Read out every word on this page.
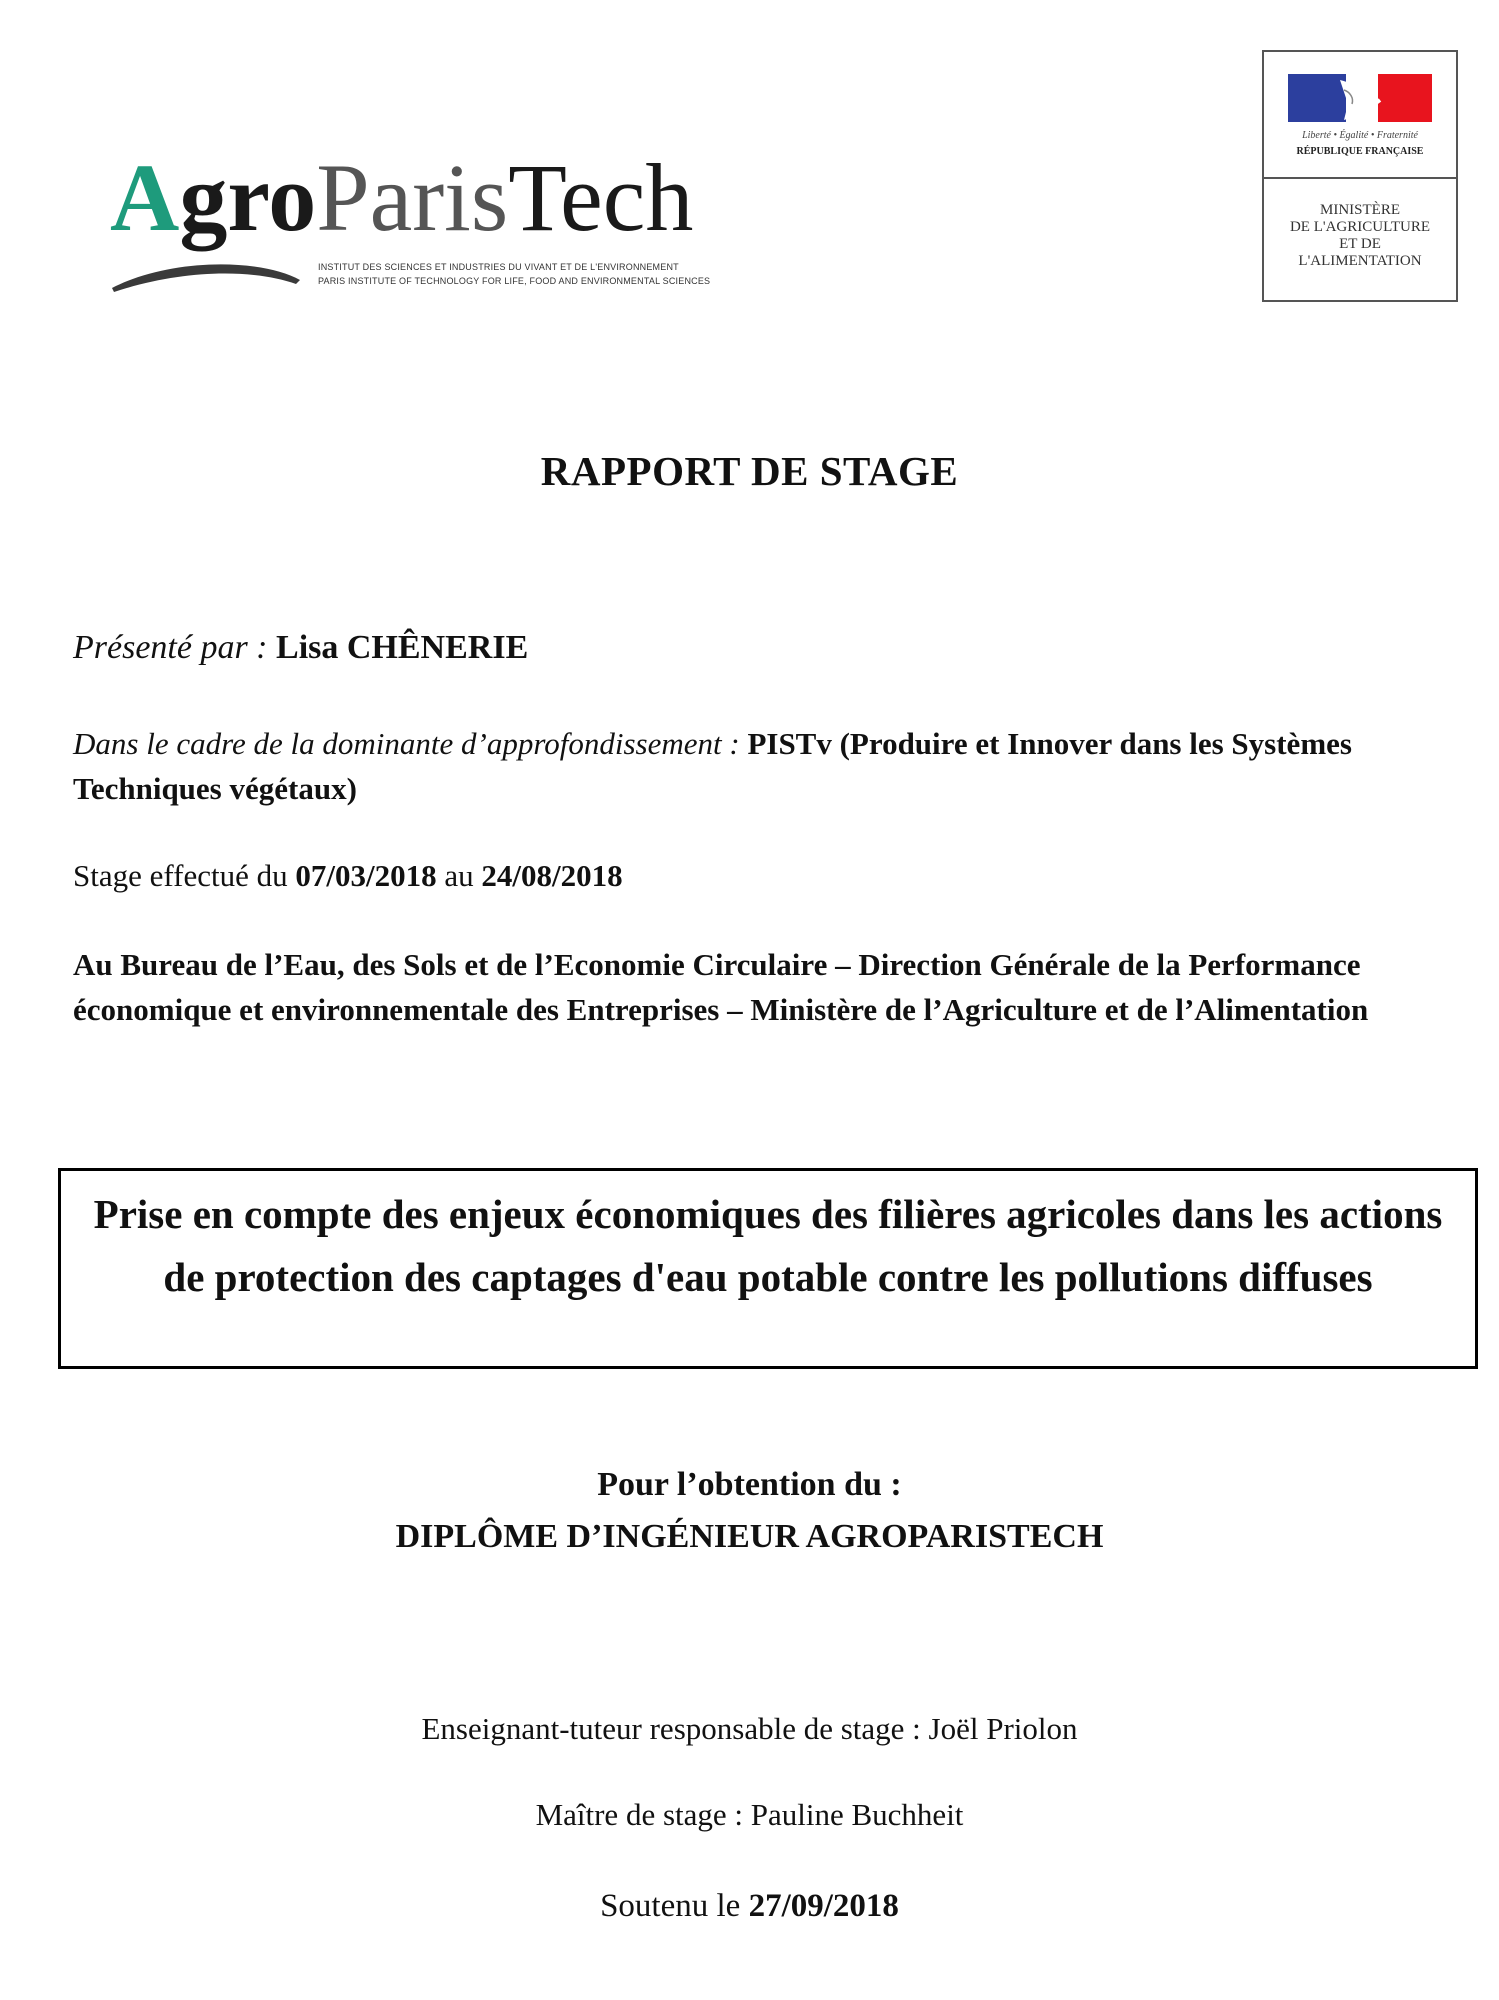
AgroParisTech
INSTITUT DES SCIENCES ET INDUSTRIES DU VIVANT ET DE L'ENVIRONNEMENT
PARIS INSTITUTE OF TECHNOLOGY FOR LIFE, FOOD AND ENVIRONMENTAL SCIENCES
Liberté • Égalité • Fraternité
RÉPUBLIQUE FRANÇAISE
MINISTÈRE
DE L'AGRICULTURE
ET DE
L'ALIMENTATION
RAPPORT DE STAGE
Présenté par : Lisa CHÊNERIE
Dans le cadre de la dominante d’approfondissement : PISTv (Produire et Innover dans les Systèmes Techniques végétaux)
Stage effectué du 07/03/2018 au 24/08/2018
Au Bureau de l’Eau, des Sols et de l’Economie Circulaire – Direction Générale de la Performance économique et environnementale des Entreprises – Ministère de l’Agriculture et de l’Alimentation
Prise en compte des enjeux économiques des filières agricoles dans les actions de protection des captages d'eau potable contre les pollutions diffuses
Pour l’obtention du :
DIPLÔME D’INGÉNIEUR AGROPARISTECH
Enseignant-tuteur responsable de stage : Joël Priolon
Maître de stage : Pauline Buchheit
Soutenu le 27/09/2018
